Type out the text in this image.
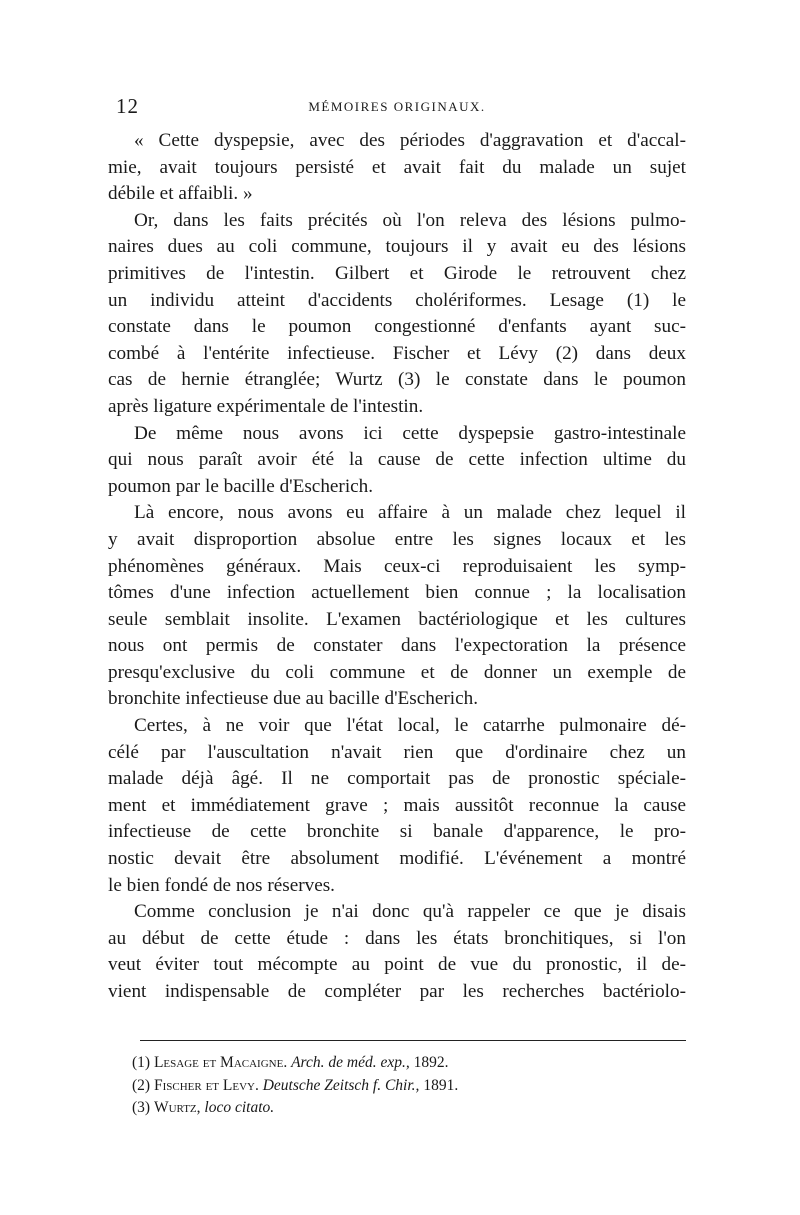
12	MÉMOIRES ORIGINAUX.
« Cette dyspepsie, avec des périodes d'aggravation et d'accal-
mie, avait toujours persisté et avait fait du malade un sujet
débile et affaibli. »
Or, dans les faits précités où l'on releva des lésions pulmo-
naires dues au coli commune, toujours il y avait eu des lésions
primitives de l'intestin. Gilbert et Girode le retrouvent chez
un individu atteint d'accidents cholériformes. Lesage (1) le
constate dans le poumon congestionné d'enfants ayant suc-
combé à l'entérite infectieuse. Fischer et Lévy (2) dans deux
cas de hernie étranglée; Wurtz (3) le constate dans le poumon
après ligature expérimentale de l'intestin.
De même nous avons ici cette dyspepsie gastro-intestinale
qui nous paraît avoir été la cause de cette infection ultime du
poumon par le bacille d'Escherich.
Là encore, nous avons eu affaire à un malade chez lequel il
y avait disproportion absolue entre les signes locaux et les
phénomènes généraux. Mais ceux-ci reproduisaient les symp-
tômes d'une infection actuellement bien connue ; la localisation
seule semblait insolite. L'examen bactériologique et les cultures
nous ont permis de constater dans l'expectoration la présence
presqu'exclusive du coli commune et de donner un exemple de
bronchite infectieuse due au bacille d'Escherich.
Certes, à ne voir que l'état local, le catarrhe pulmonaire dé-
célé par l'auscultation n'avait rien que d'ordinaire chez un
malade déjà âgé. Il ne comportait pas de pronostic spéciale-
ment et immédiatement grave ; mais aussitôt reconnue la cause
infectieuse de cette bronchite si banale d'apparence, le pro-
nostic devait être absolument modifié. L'événement a montré
le bien fondé de nos réserves.
Comme conclusion je n'ai donc qu'à rappeler ce que je disais
au début de cette étude : dans les états bronchitiques, si l'on
veut éviter tout mécompte au point de vue du pronostic, il de-
vient indispensable de compléter par les recherches bactériolo-
(1) Lesage et Macaigne. Arch. de méd. exp., 1892.
(2) Fischer et Levy. Deutsche Zeitsch f. Chir., 1891.
(3) Wurtz, loco citato.
